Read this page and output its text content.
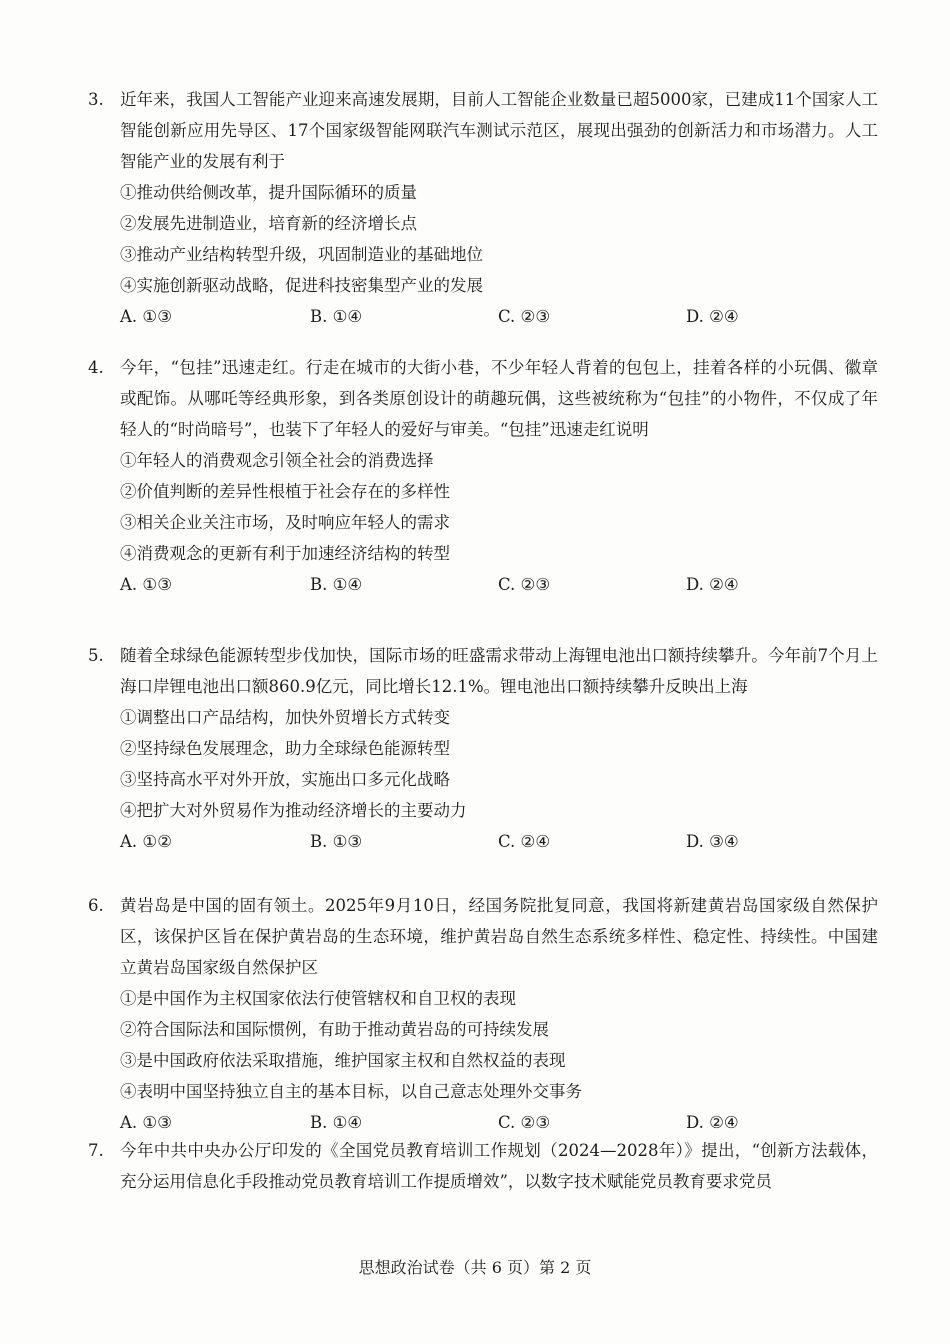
3. 近年来，我国人工智能产业迎来高速发展期，目前人工智能企业数量已超5000家，已建成11个国家人工智能创新应用先导区、17个国家级智能网联汽车测试示范区，展现出强劲的创新活力和市场潜力。人工智能产业的发展有利于

①推动供给侧改革，提升国际循环的质量

②发展先进制造业，培育新的经济增长点

③推动产业结构转型升级，巩固制造业的基础地位

④实施创新驱动战略，促进科技密集型产业的发展

A. ①③	B. ①④	C. ②③	D. ②④
4. 今年，“包挂”迅速走红。行走在城市的大街小巷，不少年轻人背着的包包上，挂着各样的小玩偶、徽章或配饰。从哪吒等经典形象，到各类原创设计的萌趣玩偶，这些被统称为“包挂”的小物件，不仅成了年轻人的“时尚暗号”，也装下了年轻人的爱好与审美。“包挂”迅速走红说明

①年轻人的消费观念引领全社会的消费选择

②价值判断的差异性根植于社会存在的多样性

③相关企业关注市场，及时响应年轻人的需求

④消费观念的更新有利于加速经济结构的转型

A. ①③	B. ①④	C. ②③	D. ②④
5. 随着全球绿色能源转型步伐加快，国际市场的旺盛需求带动上海锂电池出口额持续攀升。今年前7个月上海口岸锂电池出口额860.9亿元，同比增长12.1%。锂电池出口额持续攀升反映出上海

①调整出口产品结构，加快外贸增长方式转变

②坚持绿色发展理念，助力全球绿色能源转型

③坚持高水平对外开放，实施出口多元化战略

④把扩大对外贸易作为推动经济增长的主要动力

A. ①②	B. ①③	C. ②④	D. ③④
6. 黄岩岛是中国的固有领土。2025年9月10日，经国务院批复同意，我国将新建黄岩岛国家级自然保护区，该保护区旨在保护黄岩岛的生态环境，维护黄岩岛自然生态系统多样性、稳定性、持续性。中国建立黄岩岛国家级自然保护区

①是中国作为主权国家依法行使管辖权和自卫权的表现

②符合国际法和国际惯例，有助于推动黄岩岛的可持续发展

③是中国政府依法采取措施，维护国家主权和自然权益的表现

④表明中国坚持独立自主的基本目标，以自己意志处理外交事务

A. ①③	B. ①④	C. ②③	D. ②④
7. 今年中共中央办公厅印发的《全国党员教育培训工作规划（2024—2028年）》提出，“创新方法载体，充分运用信息化手段推动党员教育培训工作提质增效”，以数字技术赋能党员教育要求党员

思想政治试卷（共 6 页）第 2 页
